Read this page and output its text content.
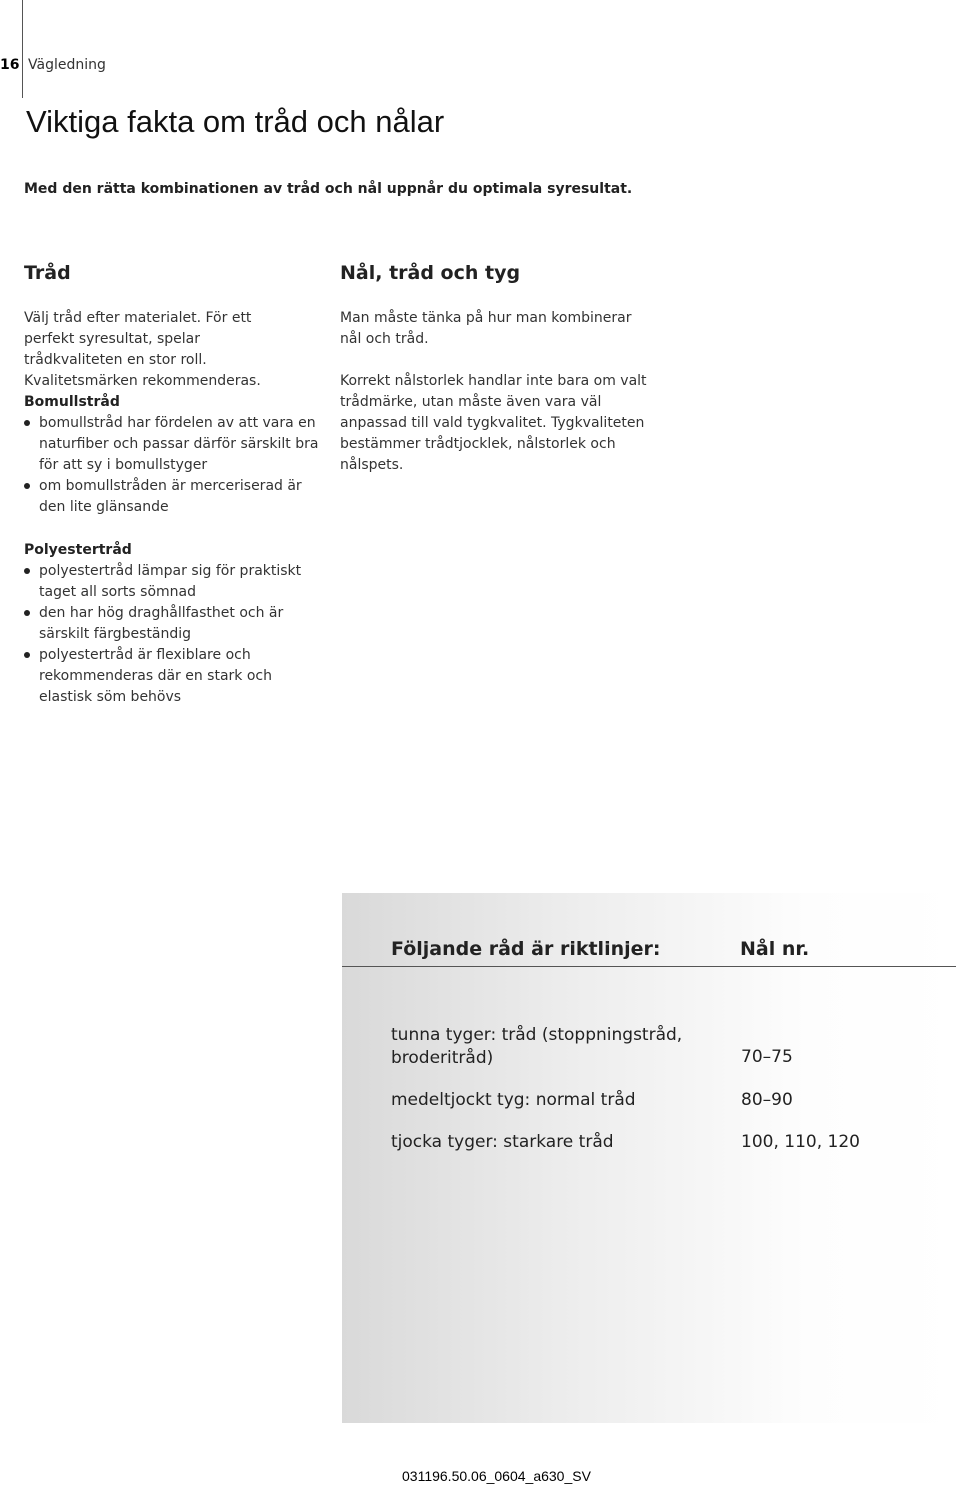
16 Vägledning
Viktiga fakta om tråd och nålar

Med den rätta kombinationen av tråd och nål uppnår du optimala syresultat.

Tråd

Välj tråd efter materialet. För ett perfekt syresultat, spelar trådkvaliteten en stor roll. Kvalitetsmärken rekommenderas.

Bomullstråd
bomullstråd har fördelen av att vara en naturfiber och passar därför särskilt bra för att sy i bomullstyger
om bomullstråden är merceriserad är den lite glänsande
Polyestertråd
polyestertråd lämpar sig för praktiskt taget all sorts sömnad
den har hög draghållfasthet och är särskilt färgbeständig
polyestertråd är flexiblare och rekommenderas där en stark och elastisk söm behövs
Nål, tråd och tyg

Man måste tänka på hur man kombinerar nål och tråd.

Korrekt nålstorlek handlar inte bara om valt trådmärke, utan måste även vara väl anpassad till vald tygkvalitet. Tygkvaliteten bestämmer trådtjocklek, nålstorlek och nålspets.

Följande råd är riktlinjer:	Nål nr.
tunna tyger: tråd (stoppningstråd, broderitråd)	70–75
medeltjockt tyg: normal tråd	80–90
tjocka tyger: starkare tråd	100, 110, 120
031196.50.06_0604_a630_SV
